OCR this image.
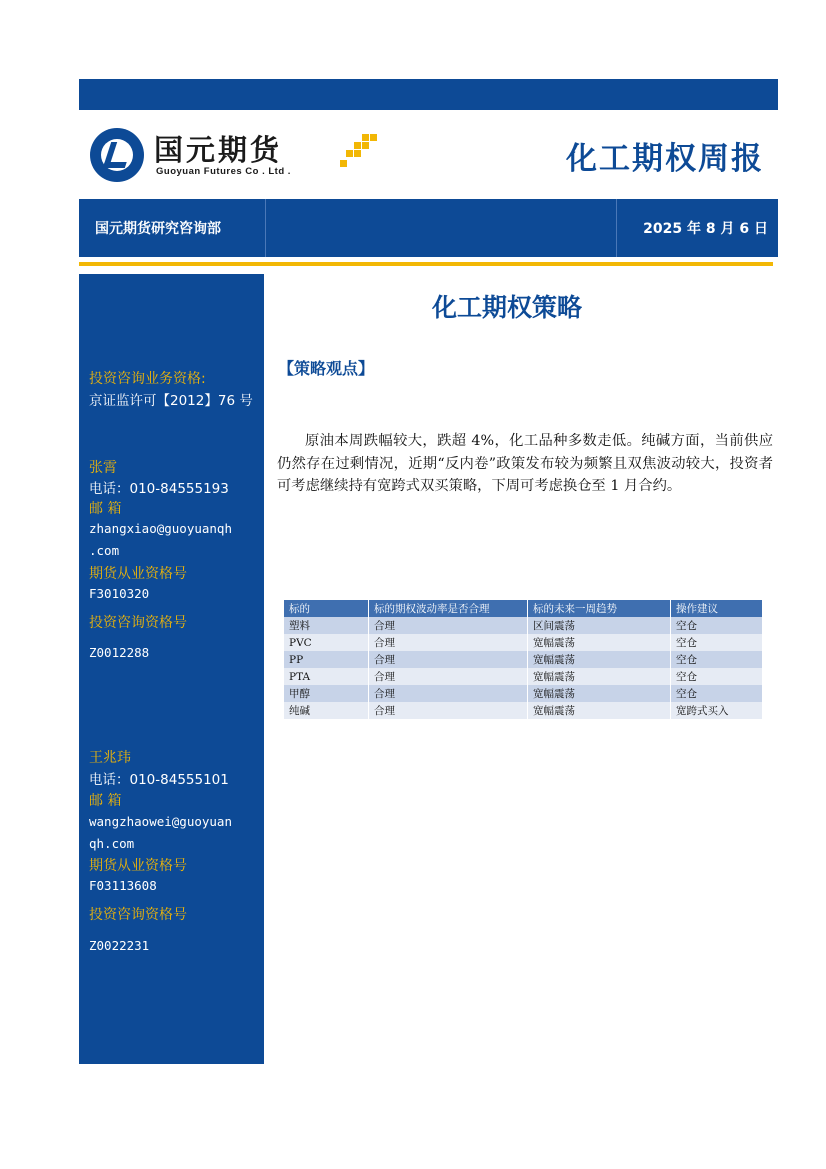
国元期货
Guoyuan Futures Co . Ltd .	化工期权周报
国元期货研究咨询部	2025 年 8 月 6 日
投资咨询业务资格:
京证监许可【2012】76 号
张霄
电话：010-84555193
邮 箱
zhangxiao@guoyuanqh
.com
期货从业资格号
F3010320
投资咨询资格号
Z0012288
王兆玮
电话：010-84555101
邮 箱
wangzhaowei@guoyuan
qh.com
期货从业资格号
F03113608
投资咨询资格号
Z0022231
化工期权策略
【策略观点】
原油本周跌幅较大，跌超 4%，化工品种多数走低。纯碱方面，当前供应仍然存在过剩情况，近期“反内卷”政策发布较为频繁且双焦波动较大，投资者可考虑继续持有宽跨式双买策略，下周可考虑换仓至 1 月合约。
标的	标的期权波动率是否合理	标的未来一周趋势	操作建议
塑料	合理	区间震荡	空仓
PVC	合理	宽幅震荡	空仓
PP	合理	宽幅震荡	空仓
PTA	合理	宽幅震荡	空仓
甲醇	合理	宽幅震荡	空仓
纯碱	合理	宽幅震荡	宽跨式买入
